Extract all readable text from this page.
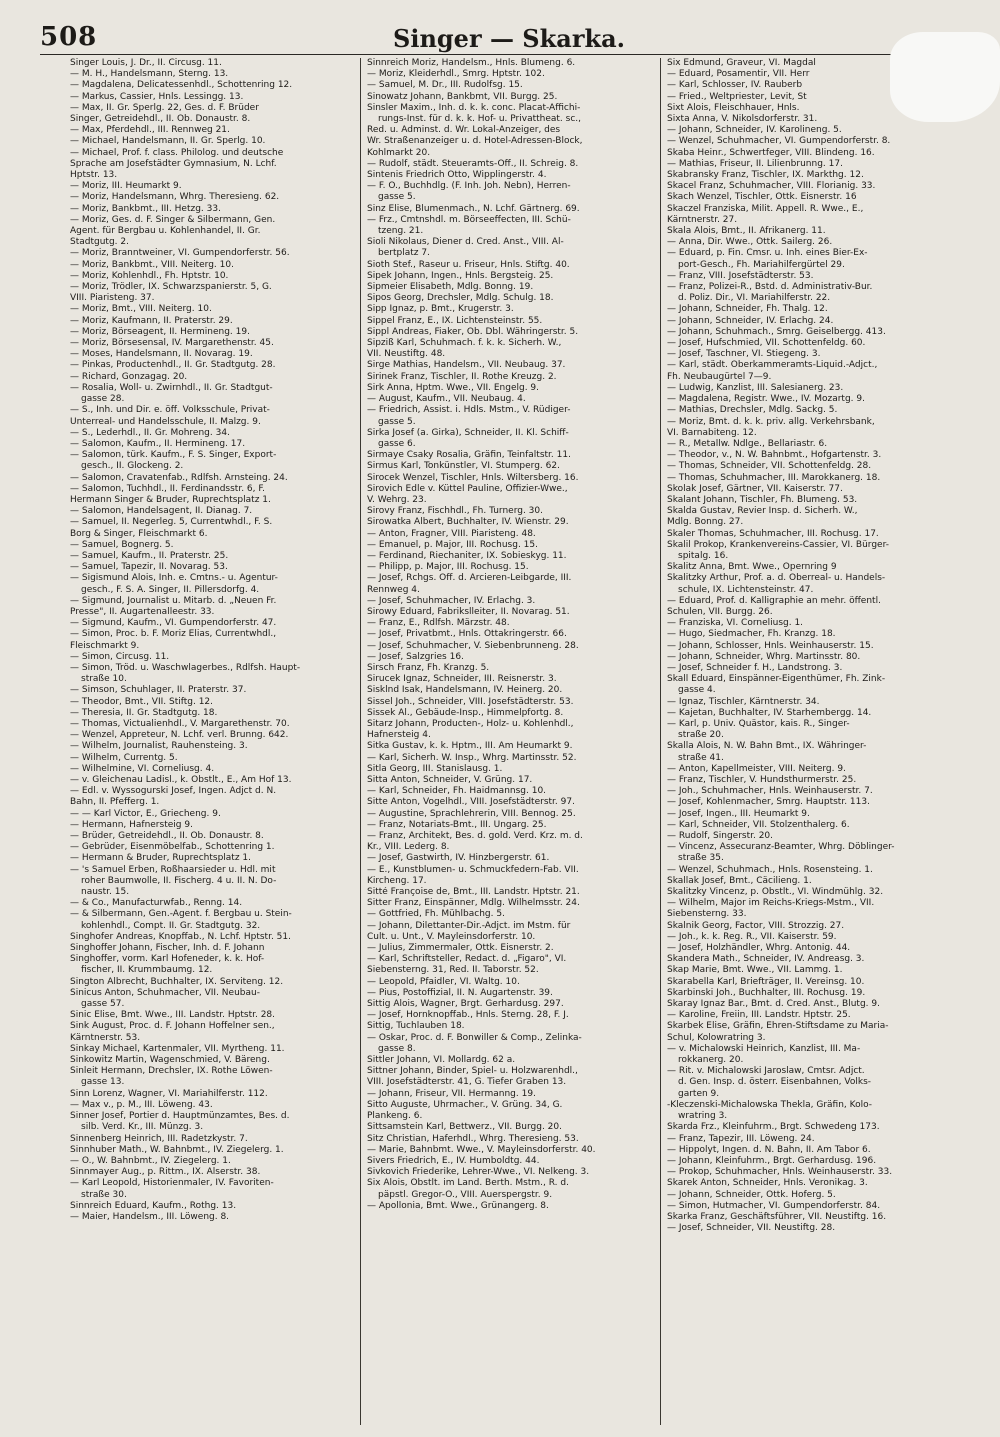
508	Singer — Skarka.

Singer Louis, J. Dr., II. Circusg. 11.

— M. H., Handelsmann, Sterng. 13.

— Magdalena, Delicatessenhdl., Schottenring 12.

— Markus, Cassier, Hnls. Lessingg. 13.

— Max, II. Gr. Sperlg. 22, Ges. d. F. Brüder

Singer, Getreidehdl., II. Ob. Donaustr. 8.

— Max, Pferdehdl., III. Rennweg 21.

— Michael, Handelsmann, II. Gr. Sperlg. 10.

— Michael, Prof. f. class. Philolog. und deutsche

Sprache am Josefstädter Gymnasium, N. Lchf.

Hptstr. 13.

— Moriz, III. Heumarkt 9.

— Moriz, Handelsmann, Whrg. Theresieng. 62.

— Moriz, Bankbmt., III. Hetzg. 33.

— Moriz, Ges. d. F. Singer & Silbermann, Gen.

Agent. für Bergbau u. Kohlenhandel, II. Gr.

Stadtgutg. 2.

— Moriz, Branntweiner, VI. Gumpendorferstr. 56.

— Moriz, Bankbmt., VIII. Neiterg. 10.

— Moriz, Kohlenhdl., Fh. Hptstr. 10.

— Moriz, Trödler, IX. Schwarzspanierstr. 5, G.

VIII. Piaristeng. 37.

— Moriz, Bmt., VIII. Neiterg. 10.

— Moriz, Kaufmann, II. Praterstr. 29.

— Moriz, Börseagent, II. Hermineng. 19.

— Moriz, Börsesensal, IV. Margarethenstr. 45.

— Moses, Handelsmann, II. Novarag. 19.

— Pinkas, Productenhdl., II. Gr. Stadtgutg. 28.

— Richard, Gonzagag. 20.

— Rosalia, Woll- u. Zwirnhdl., II. Gr. Stadtgut-

gasse 28.

— S., Inh. und Dir. e. öff. Volksschule, Privat-

Unterreal- und Handelsschule, II. Malzg. 9.

— S., Lederhdl., II. Gr. Mohreng. 34.

— Salomon, Kaufm., II. Hermineng. 17.

— Salomon, türk. Kaufm., F. S. Singer, Export-

gesch., II. Glockeng. 2.

— Salomon, Cravatenfab., Rdlfsh. Arnsteing. 24.

— Salomon, Tuchhdl., II. Ferdinandsstr. 6, F.

Hermann Singer & Bruder, Ruprechtsplatz 1.

— Salomon, Handelsagent, II. Dianag. 7.

— Samuel, II. Negerleg. 5, Currentwhdl., F. S.

Borg & Singer, Fleischmarkt 6.

— Samuel, Bognerg. 5.

— Samuel, Kaufm., II. Praterstr. 25.

— Samuel, Tapezir, II. Novarag. 53.

— Sigismund Alois, Inh. e. Cmtns.- u. Agentur-

gesch., F. S. A. Singer, II. Pillersdorfg. 4.

— Sigmund, Journalist u. Mitarb. d. „Neuen Fr.

Presse", II. Augartenalleestr. 33.

— Sigmund, Kaufm., VI. Gumpendorferstr. 47.

— Simon, Proc. b. F. Moriz Elias, Currentwhdl.,

Fleischmarkt 9.

— Simon, Circusg. 11.

— Simon, Tröd. u. Waschwlagerbes., Rdlfsh. Haupt-

straße 10.

— Simson, Schuhlager, II. Praterstr. 37.

— Theodor, Bmt., VII. Stiftg. 12.

— Theresia, II. Gr. Stadtgutg. 18.

— Thomas, Victualienhdl., V. Margarethenstr. 70.

— Wenzel, Appreteur, N. Lchf. verl. Brunng. 642.

— Wilhelm, Journalist, Rauhensteing. 3.

— Wilhelm, Currentg. 5.

— Wilhelmine, VI. Corneliusg. 4.

— v. Gleichenau Ladisl., k. Obstlt., E., Am Hof 13.

— Edl. v. Wyssogurski Josef, Ingen. Adjct d. N.

Bahn, II. Pfefferg. 1.

— — Karl Victor, E., Griecheng. 9.

— Hermann, Hafnersteig 9.

— Brüder, Getreidehdl., II. Ob. Donaustr. 8.

— Gebrüder, Eisenmöbelfab., Schottenring 1.

— Hermann & Bruder, Ruprechtsplatz 1.

— 's Samuel Erben, Roßhaarsieder u. Hdl. mit

roher Baumwolle, II. Fischerg. 4 u. II. N. Do-

naustr. 15.

— & Co., Manufacturwfab., Renng. 14.

— & Silbermann, Gen.-Agent. f. Bergbau u. Stein-

kohlenhdl., Compt. II. Gr. Stadtgutg. 32.

Singhofer Andreas, Knopffab., N. Lchf. Hptstr. 51.

Singhoffer Johann, Fischer, Inh. d. F. Johann

Singhoffer, vorm. Karl Hofeneder, k. k. Hof-

fischer, II. Krummbaumg. 12.

Sington Albrecht, Buchhalter, IX. Serviteng. 12.

Sinicus Anton, Schuhmacher, VII. Neubau-

gasse 57.

Sinic Elise, Bmt. Wwe., III. Landstr. Hptstr. 28.

Sink August, Proc. d. F. Johann Hoffelner sen.,

Kärntnerstr. 53.

Sinkay Michael, Kartenmaler, VII. Myrtheng. 11.

Sinkowitz Martin, Wagenschmied, V. Bäreng.

Sinleit Hermann, Drechsler, IX. Rothe Löwen-

gasse 13.

Sinn Lorenz, Wagner, VI. Mariahilferstr. 112.

— Max v., p. M., III. Löweng. 43.

Sinner Josef, Portier d. Hauptmünzamtes, Bes. d.

silb. Verd. Kr., III. Münzg. 3.

Sinnenberg Heinrich, III. Radetzkystr. 7.

Sinnhuber Math., W. Bahnbmt., IV. Ziegelerg. 1.

— O., W. Bahnbmt., IV. Ziegelerg. 1.

Sinnmayer Aug., p. Rittm., IX. Alserstr. 38.

— Karl Leopold, Historienmaler, IV. Favoriten-

straße 30.

Sinnreich Eduard, Kaufm., Rothg. 13.

— Maier, Handelsm., III. Löweng. 8.

Sinnreich Moriz, Handelsm., Hnls. Blumeng. 6.

— Moriz, Kleiderhdl., Smrg. Hptstr. 102.

— Samuel, M. Dr., III. Rudolfsg. 15.

Sinowatz Johann, Bankbmt, VII. Burgg. 25.

Sinsler Maxim., Inh. d. k. k. conc. Placat-Affichi-

rungs-Inst. für d. k. k. Hof- u. Privattheat. sc.,

Red. u. Adminst. d. Wr. Lokal-Anzeiger, des

Wr. Straßenanzeiger u. d. Hotel-Adressen-Block,

Kohlmarkt 20.

— Rudolf, städt. Steueramts-Off., II. Schreig. 8.

Sintenis Friedrich Otto, Wipplingerstr. 4.

— F. O., Buchhdlg. (F. Inh. Joh. Nebn), Herren-

gasse 5.

Sinz Elise, Blumenmach., N. Lchf. Gärtnerg. 69.

— Frz., Cmtnshdl. m. Börseeffecten, III. Schü-

tzeng. 21.

Sioli Nikolaus, Diener d. Cred. Anst., VIII. Al-

bertplatz 7.

Sioth Stef., Raseur u. Friseur, Hnls. Stiftg. 40.

Sipek Johann, Ingen., Hnls. Bergsteig. 25.

Sipmeier Elisabeth, Mdlg. Bonng. 19.

Sipos Georg, Drechsler, Mdlg. Schulg. 18.

Sipp Ignaz, p. Bmt., Krugerstr. 3.

Sippel Franz, E., IX. Lichtensteinstr. 55.

Sippl Andreas, Fiaker, Ob. Dbl. Währingerstr. 5.

Sipziß Karl, Schuhmach. f. k. k. Sicherh. W.,

VII. Neustiftg. 48.

Sirge Mathias, Handelsm., VII. Neubaug. 37.

Sirinek Franz, Tischler, II. Rothe Kreuzg. 2.

Sirk Anna, Hptm. Wwe., VII. Engelg. 9.

— August, Kaufm., VII. Neubaug. 4.

— Friedrich, Assist. i. Hdls. Mstm., V. Rüdiger-

gasse 5.

Sirka Josef (a. Girka), Schneider, II. Kl. Schiff-

gasse 6.

Sirmaye Csaky Rosalia, Gräfin, Teinfaltstr. 11.

Sirmus Karl, Tonkünstler, VI. Stumperg. 62.

Sirocek Wenzel, Tischler, Hnls. Wiltersberg. 16.

Sirovich Edle v. Küttel Pauline, Offizier-Wwe.,

V. Wehrg. 23.

Sirovy Franz, Fischhdl., Fh. Turnerg. 30.

Sirowatka Albert, Buchhalter, IV. Wienstr. 29.

— Anton, Fragner, VIII. Piaristeng. 48.

— Emanuel, p. Major, III. Rochusg. 15.

— Ferdinand, Riechaniter, IX. Sobieskyg. 11.

— Philipp, p. Major, III. Rochusg. 15.

— Josef, Rchgs. Off. d. Arcieren-Leibgarde, III.

Rennweg 4.

— Josef, Schuhmacher, IV. Erlachg. 3.

Sirowy Eduard, Fabrikslleiter, II. Novarag. 51.

— Franz, E., Rdlfsh. Märzstr. 48.

— Josef, Privatbmt., Hnls. Ottakringerstr. 66.

— Josef, Schuhmacher, V. Siebenbrunneng. 28.

— Josef, Salzgries 16.

Sirsch Franz, Fh. Kranzg. 5.

Sirucek Ignaz, Schneider, III. Reisnerstr. 3.

Sisklnd Isak, Handelsmann, IV. Heinerg. 20.

Sissel Joh., Schneider, VIII. Josefstädterstr. 53.

Sissek Al., Gebäude-Insp., Himmelpfortg. 8.

Sitarz Johann, Producten-, Holz- u. Kohlenhdl.,

Hafnersteig 4.

Sitka Gustav, k. k. Hptm., III. Am Heumarkt 9.

— Karl, Sicherh. W. Insp., Whrg. Martinsstr. 52.

Sitla Georg, III. Stanislausg. 1.

Sitta Anton, Schneider, V. Grüng. 17.

— Karl, Schneider, Fh. Haidmannsg. 10.

Sitte Anton, Vogelhdl., VIII. Josefstädterstr. 97.

— Augustine, Sprachlehrerin, VIII. Bennog. 25.

— Franz, Notariats-Bmt., III. Ungarg. 25.

— Franz, Architekt, Bes. d. gold. Verd. Krz. m. d.

Kr., VIII. Lederg. 8.

— Josef, Gastwirth, IV. Hinzbergerstr. 61.

— E., Kunstblumen- u. Schmuckfedern-Fab. VII.

Kircheng. 17.

Sitté Françoise de, Bmt., III. Landstr. Hptstr. 21.

Sitter Franz, Einspänner, Mdlg. Wilhelmsstr. 24.

— Gottfried, Fh. Mühlbachg. 5.

— Johann, Dilettanter-Dir.-Adjct. im Mstm. für

Cult. u. Unt., V. Mayleinsdorferstr. 10.

— Julius, Zimmermaler, Ottk. Eisnerstr. 2.

— Karl, Schriftsteller, Redact. d. „Figaro", VI.

Siebensterng. 31, Red. II. Taborstr. 52.

— Leopold, Pfaidler, VI. Waltg. 10.

— Pius, Postoffizial, II. N. Augartenstr. 39.

Sittig Alois, Wagner, Brgt. Gerhardusg. 297.

— Josef, Hornknopffab., Hnls. Sterng. 28, F. J.

Sittig, Tuchlauben 18.

— Oskar, Proc. d. F. Bonwiller & Comp., Zelinka-

gasse 8.

Sittler Johann, VI. Mollardg. 62 a.

Sittner Johann, Binder, Spiel- u. Holzwarenhdl.,

VIII. Josefstädterstr. 41, G. Tiefer Graben 13.

— Johann, Friseur, VII. Hermanng. 19.

Sitto Auguste, Uhrmacher., V. Grüng. 34, G.

Plankeng. 6.

Sittsamstein Karl, Bettwerz., VII. Burgg. 20.

Sitz Christian, Haferhdl., Whrg. Theresieng. 53.

— Marie, Bahnbmt. Wwe., V. Mayleinsdorferstr. 40.

Sivers Friedrich, E., IV. Humboldtg. 44.

Sivkovich Friederike, Lehrer-Wwe., VI. Nelkeng. 3.

Six Alois, Obstlt. im Land. Berth. Mstm., R. d.

päpstl. Gregor-O., VIII. Auerspergstr. 9.

— Apollonia, Bmt. Wwe., Grünangerg. 8.

Six Edmund, Graveur, VI. Magdal

— Eduard, Posamentir, VII. Herr

— Karl, Schlosser, IV. Rauberb

— Fried., Weltpriester, Levit, St

Sixt Alois, Fleischhauer, Hnls.

Sixta Anna, V. Nikolsdorferstr. 31.

— Johann, Schneider, IV. Karolineng. 5.

— Wenzel, Schuhmacher, VI. Gumpendorferstr. 8.

Skaba Heinr., Schwertfeger, VIII. Blindeng. 16.

— Mathias, Friseur, II. Lilienbrunng. 17.

Skabransky Franz, Tischler, IX. Markthg. 12.

Skacel Franz, Schuhmacher, VIII. Florianig. 33.

Skach Wenzel, Tischler, Ottk. Eisnerstr. 16

Skaczel Franziska, Milit. Appell. R. Wwe., E.,

Kärntnerstr. 27.

Skala Alois, Bmt., II. Afrikanerg. 11.

— Anna, Dir. Wwe., Ottk. Sailerg. 26.

— Eduard, p. Fin. Cmsr. u. Inh. eines Bier-Ex-

port-Gesch., Fh. Mariahilfergürtel 29.

— Franz, VIII. Josefstädterstr. 53.

— Franz, Polizei-R., Bstd. d. Administrativ-Bur.

d. Poliz. Dir., VI. Mariahilferstr. 22.

— Johann, Schneider, Fh. Thalg. 12.

— Johann, Schneider, IV. Erlachg. 24.

— Johann, Schuhmach., Smrg. Geiselbergg. 413.

— Josef, Hufschmied, VII. Schottenfeldg. 60.

— Josef, Taschner, VI. Stiegeng. 3.

— Karl, städt. Oberkammeramts-Liquid.-Adjct.,

Fh. Neubaugürtel 7—9.

— Ludwig, Kanzlist, III. Salesianerg. 23.

— Magdalena, Registr. Wwe., IV. Mozartg. 9.

— Mathias, Drechsler, Mdlg. Sackg. 5.

— Moriz, Bmt. d. k. k. priv. allg. Verkehrsbank,

VI. Barnabiteng. 12.

— R., Metallw. Ndlge., Bellariastr. 6.

— Theodor, v., N. W. Bahnbmt., Hofgartenstr. 3.

— Thomas, Schneider, VII. Schottenfeldg. 28.

— Thomas, Schuhmacher, III. Marokkanerg. 18.

Skolak Josef, Gärtner, VII. Kaiserstr. 77.

Skalant Johann, Tischler, Fh. Blumeng. 53.

Skalda Gustav, Revier Insp. d. Sicherh. W.,

Mdlg. Bonng. 27.

Skaler Thomas, Schuhmacher, III. Rochusg. 17.

Skalil Prokop, Krankenvereins-Cassier, VI. Bürger-

spitalg. 16.

Skalitz Anna, Bmt. Wwe., Opernring 9

Skalitzky Arthur, Prof. a. d. Oberreal- u. Handels-

schule, IX. Lichtensteinstr. 47.

— Eduard, Prof. d. Kalligraphie an mehr. öffentl.

Schulen, VII. Burgg. 26.

— Franziska, VI. Corneliusg. 1.

— Hugo, Siedmacher, Fh. Kranzg. 18.

— Johann, Schlosser, Hnls. Weinhauserstr. 15.

— Johann, Schneider, Whrg. Martinsstr. 80.

— Josef, Schneider f. H., Landstrong. 3.

Skall Eduard, Einspänner-Eigenthümer, Fh. Zink-

gasse 4.

— Ignaz, Tischler, Kärntnerstr. 34.

— Kajetan, Buchhalter, IV. Starhembergg. 14.

— Karl, p. Univ. Quästor, kais. R., Singer-

straße 20.

Skalla Alois, N. W. Bahn Bmt., IX. Währinger-

straße 41.

— Anton, Kapellmeister, VIII. Neiterg. 9.

— Franz, Tischler, V. Hundsthurmerstr. 25.

— Joh., Schuhmacher, Hnls. Weinhauserstr. 7.

— Josef, Kohlenmacher, Smrg. Hauptstr. 113.

— Josef, Ingen., III. Heumarkt 9.

— Karl, Schneider, VII. Stolzenthalerg. 6.

— Rudolf, Singerstr. 20.

— Vincenz, Assecuranz-Beamter, Whrg. Döblinger-

straße 35.

— Wenzel, Schuhmach., Hnls. Rosensteing. 1.

Skallak Josef, Bmt., Cäcilieng. 1.

Skalitzky Vincenz, p. Obstlt., VI. Windmühlg. 32.

— Wilhelm, Major im Reichs-Kriegs-Mstm., VII.

Siebensterng. 33.

Skalnik Georg, Factor, VIII. Strozzig. 27.

— Joh., k. k. Reg. R., VII. Kaiserstr. 59.

— Josef, Holzhändler, Whrg. Antonig. 44.

Skandera Math., Schneider, IV. Andreasg. 3.

Skap Marie, Bmt. Wwe., VII. Lammg. 1.

Skarabella Karl, Briefträger, II. Vereinsg. 10.

Skarbinski Joh., Buchhalter, III. Rochusg. 19.

Skaray Ignaz Bar., Bmt. d. Cred. Anst., Blutg. 9.

— Karoline, Freiin, III. Landstr. Hptstr. 25.

Skarbek Elise, Gräfin, Ehren-Stiftsdame zu Maria-

Schul, Kolowratring 3.

— v. Michalowski Heinrich, Kanzlist, III. Ma-

rokkanerg. 20.

— Rit. v. Michalowski Jaroslaw, Cmtsr. Adjct.

d. Gen. Insp. d. österr. Eisenbahnen, Volks-

garten 9.

-Kleczenski-Michalowska Thekla, Gräfin, Kolo-

wratring 3.

Skarda Frz., Kleinfuhrm., Brgt. Schwedeng 173.

— Franz, Tapezir, III. Löweng. 24.

— Hippolyt, Ingen. d. N. Bahn, II. Am Tabor 6.

— Johann, Kleinfuhrm., Brgt. Gerhardusg. 196.

— Prokop, Schuhmacher, Hnls. Weinhauserstr. 33.

Skarek Anton, Schneider, Hnls. Veronikag. 3.

— Johann, Schneider, Ottk. Hoferg. 5.

— Simon, Hutmacher, VI. Gumpendorferstr. 84.

Skarka Franz, Geschäftsführer, VII. Neustiftg. 16.

— Josef, Schneider, VII. Neustiftg. 28.
